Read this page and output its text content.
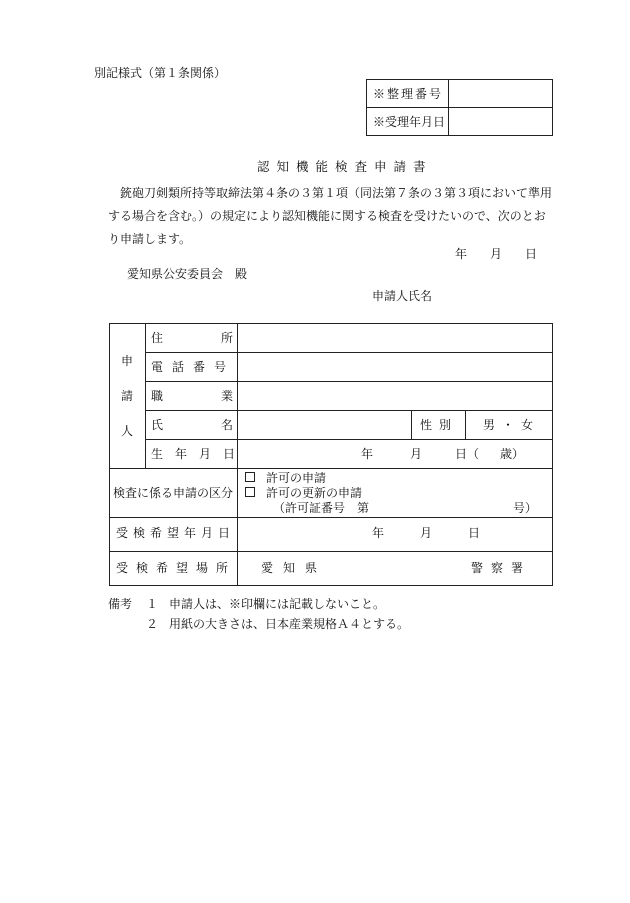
別記様式（第１条関係）
※整理番号
※受理年月日
認知機能検査申請書
銃砲刀剣類所持等取締法第４条の３第１項（同法第７条の３第３項において準用する場合を含む。）の規定により認知機能に関する検査を受けたいので、次のとおり申請します。
年 月 日
愛知県公安委員会　殿
申請人氏名
申
請
人
住	所
電話番号
職	業
氏	名	性別 男・女
生年月日	年	月	日（ 歳）
検査に係る申請の区分
許可の申請
許可の更新の申請
（許可証番号　第	号）
受検希望年月日	年	月	日
受検希望場所 愛知県	警察署
備考 １ 申請人は、※印欄には記載しないこと。
２ 用紙の大きさは、日本産業規格Ａ４とする。
